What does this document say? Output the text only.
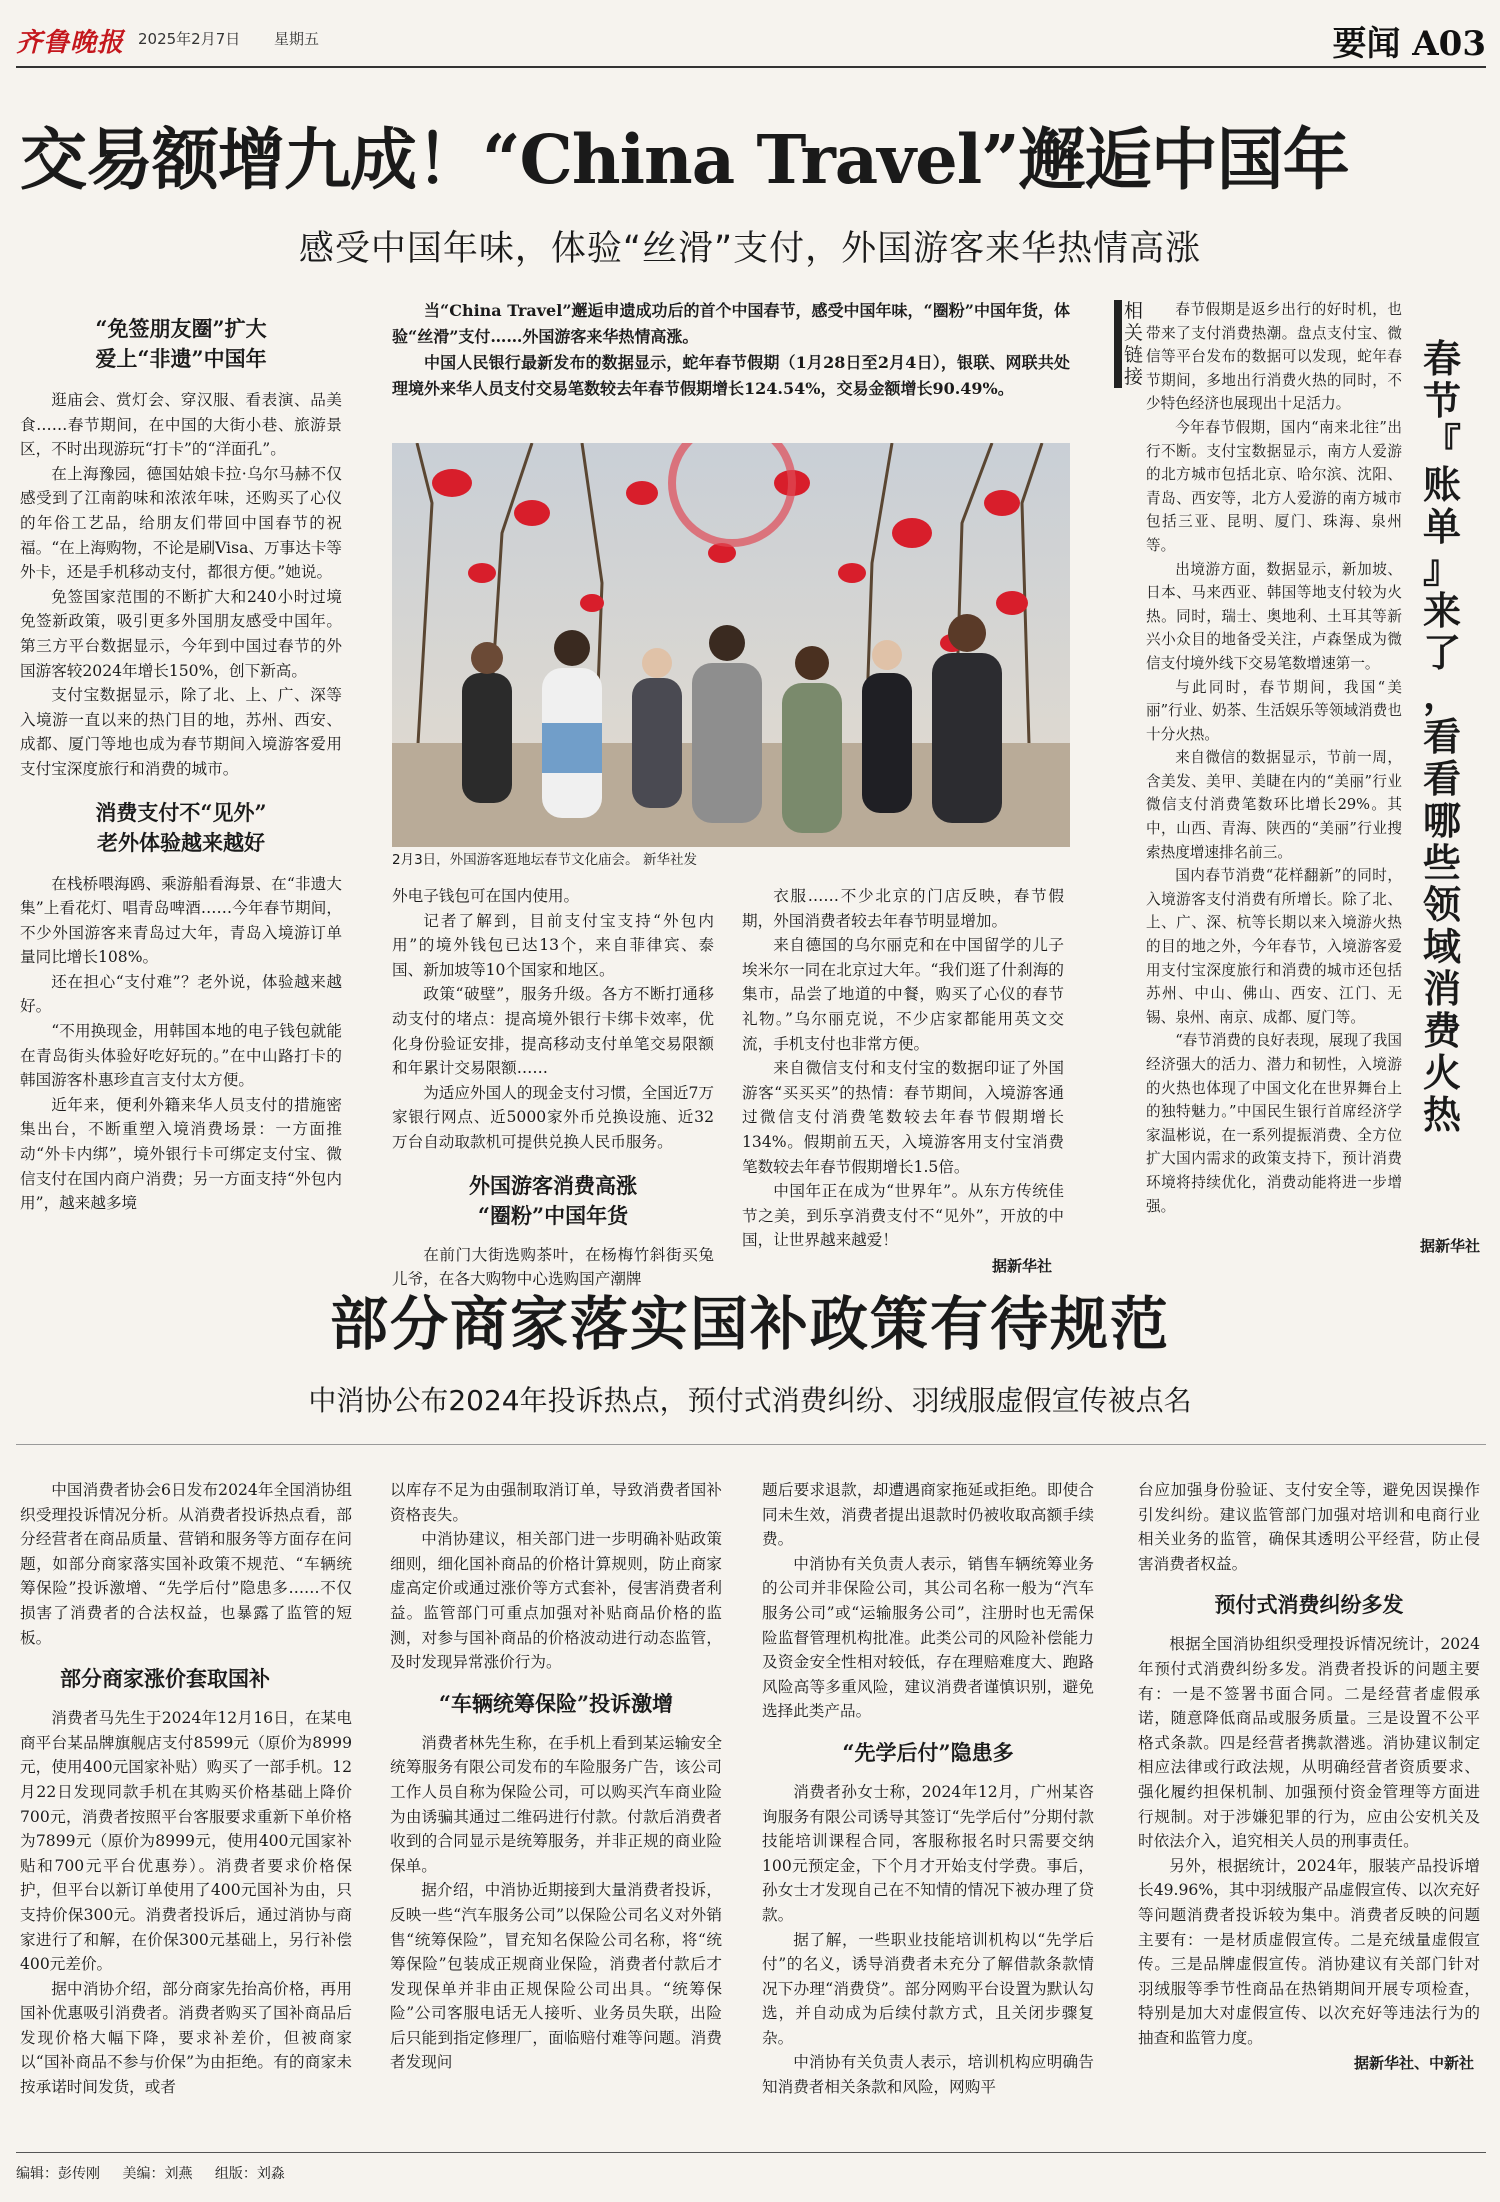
齐鲁晚报 2025年2月7日 星期五	要闻 A03
交易额增九成！“China Travel”邂逅中国年
感受中国年味，体验“丝滑”支付，外国游客来华热情高涨
“免签朋友圈”扩大
爱上“非遗”中国年

逛庙会、赏灯会、穿汉服、看表演、品美食……春节期间，在中国的大街小巷、旅游景区，不时出现游玩“打卡”的“洋面孔”。

在上海豫园，德国姑娘卡拉·乌尔马赫不仅感受到了江南韵味和浓浓年味，还购买了心仪的年俗工艺品，给朋友们带回中国春节的祝福。“在上海购物，不论是刷Visa、万事达卡等外卡，还是手机移动支付，都很方便。”她说。

免签国家范围的不断扩大和240小时过境免签新政策，吸引更多外国朋友感受中国年。第三方平台数据显示，今年到中国过春节的外国游客较2024年增长150%，创下新高。

支付宝数据显示，除了北、上、广、深等入境游一直以来的热门目的地，苏州、西安、成都、厦门等地也成为春节期间入境游客爱用支付宝深度旅行和消费的城市。

消费支付不“见外”
老外体验越来越好

在栈桥喂海鸥、乘游船看海景、在“非遗大集”上看花灯、唱青岛啤酒……今年春节期间，不少外国游客来青岛过大年，青岛入境游订单量同比增长108%。

还在担心“支付难”？老外说，体验越来越好。

“不用换现金，用韩国本地的电子钱包就能在青岛街头体验好吃好玩的。”在中山路打卡的韩国游客朴惠珍直言支付太方便。

近年来，便利外籍来华人员支付的措施密集出台，不断重塑入境消费场景：一方面推动“外卡内绑”，境外银行卡可绑定支付宝、微信支付在国内商户消费；另一方面支持“外包内用”，越来越多境

当“China Travel”邂逅申遗成功后的首个中国春节，感受中国年味，“圈粉”中国年货，体验“丝滑”支付……外国游客来华热情高涨。

中国人民银行最新发布的数据显示，蛇年春节假期（1月28日至2月4日），银联、网联共处理境外来华人员支付交易笔数较去年春节假期增长124.54%，交易金额增长90.49%。

2月3日，外国游客逛地坛春节文化庙会。 新华社发

外电子钱包可在国内使用。

记者了解到，目前支付宝支持“外包内用”的境外钱包已达13个，来自菲律宾、泰国、新加坡等10个国家和地区。

政策“破壁”，服务升级。各方不断打通移动支付的堵点：提高境外银行卡绑卡效率，优化身份验证安排，提高移动支付单笔交易限额和年累计交易限额……

为适应外国人的现金支付习惯，全国近7万家银行网点、近5000家外币兑换设施、近32万台自动取款机可提供兑换人民币服务。

外国游客消费高涨
“圈粉”中国年货

在前门大街选购茶叶，在杨梅竹斜街买兔儿爷，在各大购物中心选购国产潮牌

衣服……不少北京的门店反映，春节假期，外国消费者较去年春节明显增加。

来自德国的乌尔丽克和在中国留学的儿子埃米尔一同在北京过大年。“我们逛了什刹海的集市，品尝了地道的中餐，购买了心仪的春节礼物。”乌尔丽克说，不少店家都能用英文交流，手机支付也非常方便。

来自微信支付和支付宝的数据印证了外国游客“买买买”的热情：春节期间，入境游客通过微信支付消费笔数较去年春节假期增长134%。假期前五天，入境游客用支付宝消费笔数较去年春节假期增长1.5倍。

中国年正在成为“世界年”。从东方传统佳节之美，到乐享消费支付不“见外”，开放的中国，让世界越来越爱！

据新华社
相
关
链
接

春节假期是返乡出行的好时机，也带来了支付消费热潮。盘点支付宝、微信等平台发布的数据可以发现，蛇年春节期间，多地出行消费火热的同时，不少特色经济也展现出十足活力。

今年春节假期，国内“南来北往”出行不断。支付宝数据显示，南方人爱游的北方城市包括北京、哈尔滨、沈阳、青岛、西安等，北方人爱游的南方城市包括三亚、昆明、厦门、珠海、泉州等。

出境游方面，数据显示，新加坡、日本、马来西亚、韩国等地支付较为火热。同时，瑞士、奥地利、土耳其等新兴小众目的地备受关注，卢森堡成为微信支付境外线下交易笔数增速第一。

与此同时，春节期间，我国“美丽”行业、奶茶、生活娱乐等领域消费也十分火热。

来自微信的数据显示，节前一周，含美发、美甲、美睫在内的“美丽”行业微信支付消费笔数环比增长29%。其中，山西、青海、陕西的“美丽”行业搜索热度增速排名前三。

国内春节消费“花样翻新”的同时，入境游客支付消费有所增长。除了北、上、广、深、杭等长期以来入境游火热的目的地之外，今年春节，入境游客爱用支付宝深度旅行和消费的城市还包括苏州、中山、佛山、西安、江门、无锡、泉州、南京、成都、厦门等。

“春节消费的良好表现，展现了我国经济强大的活力、潜力和韧性，入境游的火热也体现了中国文化在世界舞台上的独特魅力。”中国民生银行首席经济学家温彬说，在一系列提振消费、全方位扩大国内需求的政策支持下，预计消费环境将持续优化，消费动能将进一步增强。

春
节
『
账
单
』
来
了
，
看
看
哪
些
领
域
消
费
火
热
据新华社
部分商家落实国补政策有待规范
中消协公布2024年投诉热点，预付式消费纠纷、羽绒服虚假宣传被点名

中国消费者协会6日发布2024年全国消协组织受理投诉情况分析。从消费者投诉热点看，部分经营者在商品质量、营销和服务等方面存在问题，如部分商家落实国补政策不规范、“车辆统筹保险”投诉激增、“先学后付”隐患多……不仅损害了消费者的合法权益，也暴露了监管的短板。

部分商家涨价套取国补

消费者马先生于2024年12月16日，在某电商平台某品牌旗舰店支付8599元（原价为8999元，使用400元国家补贴）购买了一部手机。12月22日发现同款手机在其购买价格基础上降价700元，消费者按照平台客服要求重新下单价格为7899元（原价为8999元，使用400元国家补贴和700元平台优惠券）。消费者要求价格保护，但平台以新订单使用了400元国补为由，只支持价保300元。消费者投诉后，通过消协与商家进行了和解，在价保300元基础上，另行补偿400元差价。

据中消协介绍，部分商家先抬高价格，再用国补优惠吸引消费者。消费者购买了国补商品后发现价格大幅下降，要求补差价，但被商家以“国补商品不参与价保”为由拒绝。有的商家未按承诺时间发货，或者

以库存不足为由强制取消订单，导致消费者国补资格丧失。

中消协建议，相关部门进一步明确补贴政策细则，细化国补商品的价格计算规则，防止商家虚高定价或通过涨价等方式套补，侵害消费者利益。监管部门可重点加强对补贴商品价格的监测，对参与国补商品的价格波动进行动态监管，及时发现异常涨价行为。

“车辆统筹保险”投诉激增

消费者林先生称，在手机上看到某运输安全统筹服务有限公司发布的车险服务广告，该公司工作人员自称为保险公司，可以购买汽车商业险为由诱骗其通过二维码进行付款。付款后消费者收到的合同显示是统筹服务，并非正规的商业险保单。

据介绍，中消协近期接到大量消费者投诉，反映一些“汽车服务公司”以保险公司名义对外销售“统筹保险”，冒充知名保险公司名称，将“统筹保险”包装成正规商业保险，消费者付款后才发现保单并非由正规保险公司出具。“统筹保险”公司客服电话无人接听、业务员失联，出险后只能到指定修理厂，面临赔付难等问题。消费者发现问

题后要求退款，却遭遇商家拖延或拒绝。即使合同未生效，消费者提出退款时仍被收取高额手续费。

中消协有关负责人表示，销售车辆统筹业务的公司并非保险公司，其公司名称一般为“汽车服务公司”或“运输服务公司”，注册时也无需保险监督管理机构批准。此类公司的风险补偿能力及资金安全性相对较低，存在理赔难度大、跑路风险高等多重风险，建议消费者谨慎识别，避免选择此类产品。

“先学后付”隐患多

消费者孙女士称，2024年12月，广州某咨询服务有限公司诱导其签订“先学后付”分期付款技能培训课程合同，客服称报名时只需要交纳100元预定金，下个月才开始支付学费。事后，孙女士才发现自己在不知情的情况下被办理了贷款。

据了解，一些职业技能培训机构以“先学后付”的名义，诱导消费者未充分了解借款条款情况下办理“消费贷”。部分网购平台设置为默认勾选，并自动成为后续付款方式，且关闭步骤复杂。

中消协有关负责人表示，培训机构应明确告知消费者相关条款和风险，网购平

台应加强身份验证、支付安全等，避免因误操作引发纠纷。建议监管部门加强对培训和电商行业相关业务的监管，确保其透明公平经营，防止侵害消费者权益。

预付式消费纠纷多发

根据全国消协组织受理投诉情况统计，2024年预付式消费纠纷多发。消费者投诉的问题主要有：一是不签署书面合同。二是经营者虚假承诺，随意降低商品或服务质量。三是设置不公平格式条款。四是经营者携款潜逃。消协建议制定相应法律或行政法规，从明确经营者资质要求、强化履约担保机制、加强预付资金管理等方面进行规制。对于涉嫌犯罪的行为，应由公安机关及时依法介入，追究相关人员的刑事责任。

另外，根据统计，2024年，服装产品投诉增长49.96%，其中羽绒服产品虚假宣传、以次充好等问题消费者投诉较为集中。消费者反映的问题主要有：一是材质虚假宣传。二是充绒量虚假宣传。三是品牌虚假宣传。消协建议有关部门针对羽绒服等季节性商品在热销期间开展专项检查，特别是加大对虚假宣传、以次充好等违法行为的抽查和监管力度。

据新华社、中新社
编辑：彭传刚 美编：刘燕 组版：刘淼
